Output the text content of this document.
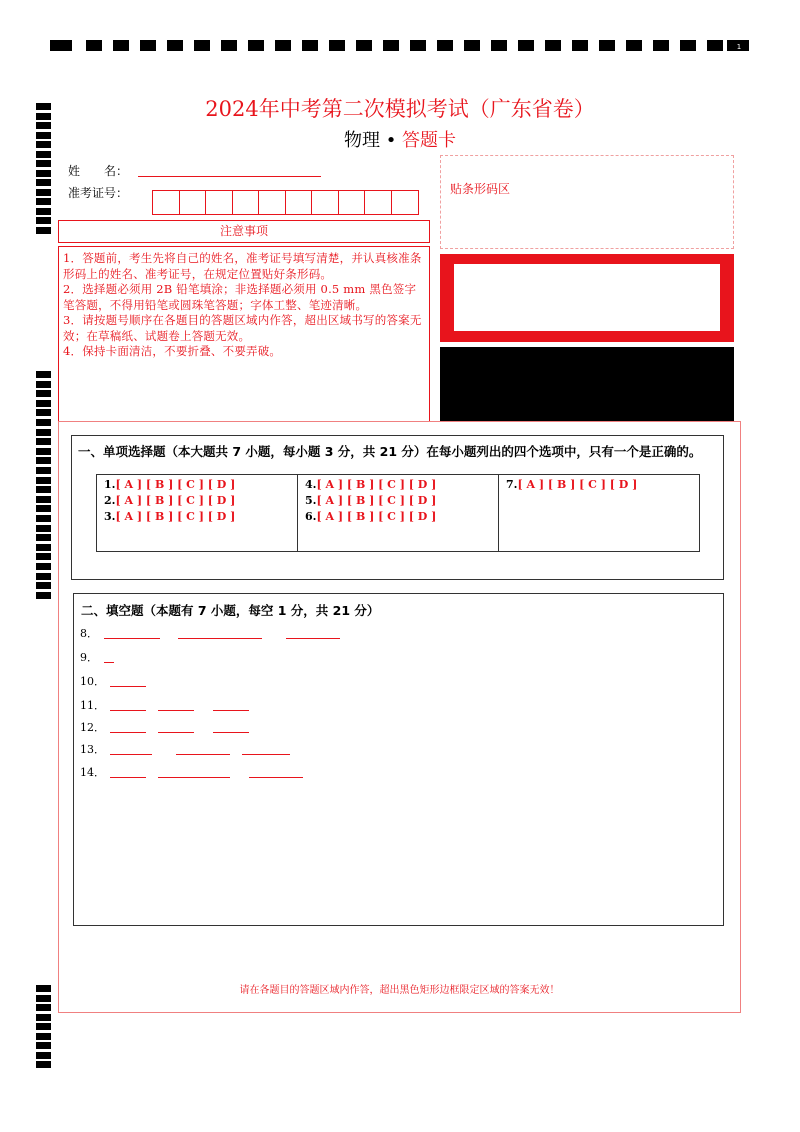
1
2024年中考第二次模拟考试（广东省卷）
物理 • 答题卡
姓　　名：
准考证号：	贴条形码区
注意事项
1．答题前，考生先将自己的姓名，准考证号填写清楚，并认真核准条形码上的姓名、准考证号，在规定位置贴好条形码。
2．选择题必须用 2B 铅笔填涂；非选择题必须用 0.5 mm 黑色签字笔答题，不得用铅笔或圆珠笔答题；字体工整、笔迹清晰。
3．请按题号顺序在各题目的答题区域内作答，超出区域书写的答案无效；在草稿纸、试题卷上答题无效。
4．保持卡面清洁，不要折叠、不要弄破。
一、单项选择题（本大题共 7 小题，每小题 3 分，共 21 分）在每小题列出的四个选项中，只有一个是正确的。
1.[ A ] [ B ] [ C ] [ D ]
2.[ A ] [ B ] [ C ] [ D ]
3.[ A ] [ B ] [ C ] [ D ]
4.[ A ] [ B ] [ C ] [ D ]
5.[ A ] [ B ] [ C ] [ D ]
6.[ A ] [ B ] [ C ] [ D ]
7.[ A ] [ B ] [ C ] [ D ]
二、填空题（本题有 7 小题，每空 1 分，共 21 分）
8．
9．
10．
11．
12．
13．
14．
请在各题目的答题区域内作答，超出黑色矩形边框限定区域的答案无效！
